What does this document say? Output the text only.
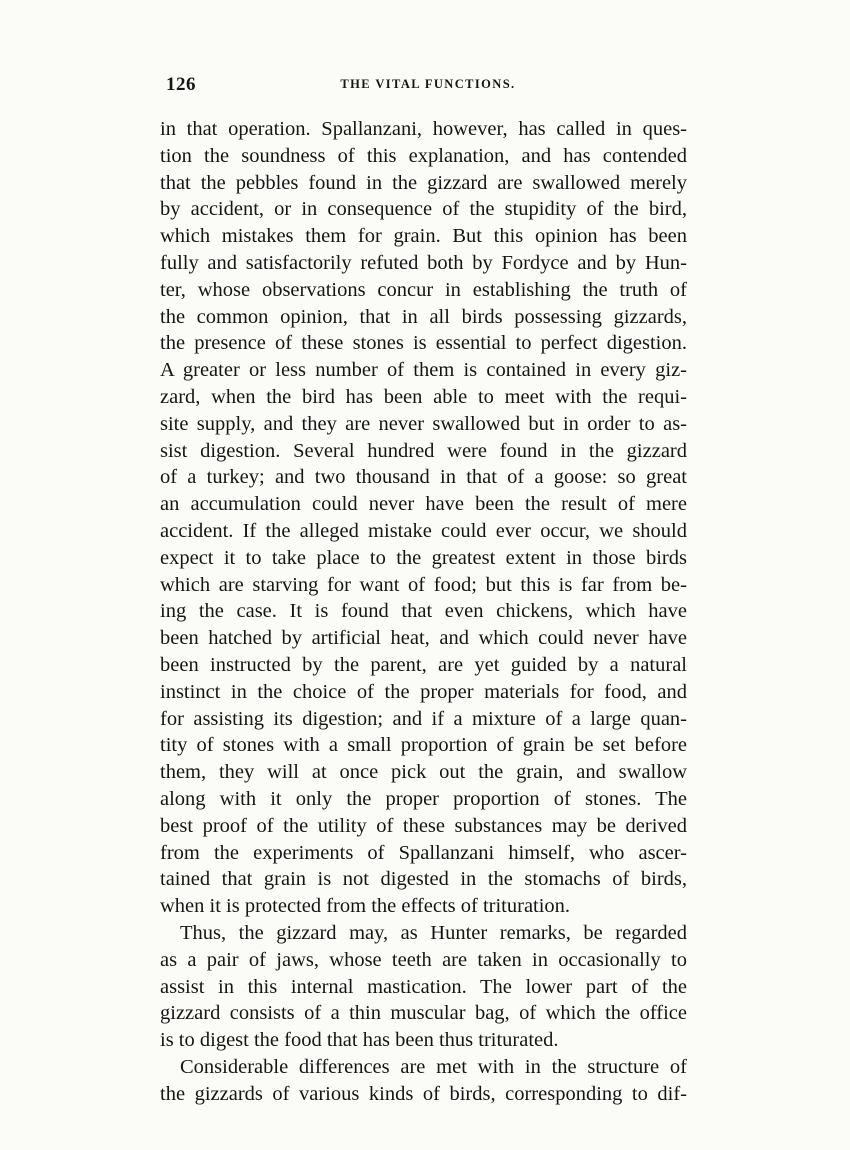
126	THE VITAL FUNCTIONS.
in that operation. Spallanzani, however, has called in ques-
tion the soundness of this explanation, and has contended
that the pebbles found in the gizzard are swallowed merely
by accident, or in consequence of the stupidity of the bird,
which mistakes them for grain. But this opinion has been
fully and satisfactorily refuted both by Fordyce and by Hun-
ter, whose observations concur in establishing the truth of
the common opinion, that in all birds possessing gizzards,
the presence of these stones is essential to perfect digestion.
A greater or less number of them is contained in every giz-
zard, when the bird has been able to meet with the requi-
site supply, and they are never swallowed but in order to as-
sist digestion. Several hundred were found in the gizzard
of a turkey; and two thousand in that of a goose: so great
an accumulation could never have been the result of mere
accident. If the alleged mistake could ever occur, we should
expect it to take place to the greatest extent in those birds
which are starving for want of food; but this is far from be-
ing the case. It is found that even chickens, which have
been hatched by artificial heat, and which could never have
been instructed by the parent, are yet guided by a natural
instinct in the choice of the proper materials for food, and
for assisting its digestion; and if a mixture of a large quan-
tity of stones with a small proportion of grain be set before
them, they will at once pick out the grain, and swallow
along with it only the proper proportion of stones. The
best proof of the utility of these substances may be derived
from the experiments of Spallanzani himself, who ascer-
tained that grain is not digested in the stomachs of birds,
when it is protected from the effects of trituration.
Thus, the gizzard may, as Hunter remarks, be regarded
as a pair of jaws, whose teeth are taken in occasionally to
assist in this internal mastication. The lower part of the
gizzard consists of a thin muscular bag, of which the office
is to digest the food that has been thus triturated.
Considerable differences are met with in the structure of
the gizzards of various kinds of birds, corresponding to dif-
